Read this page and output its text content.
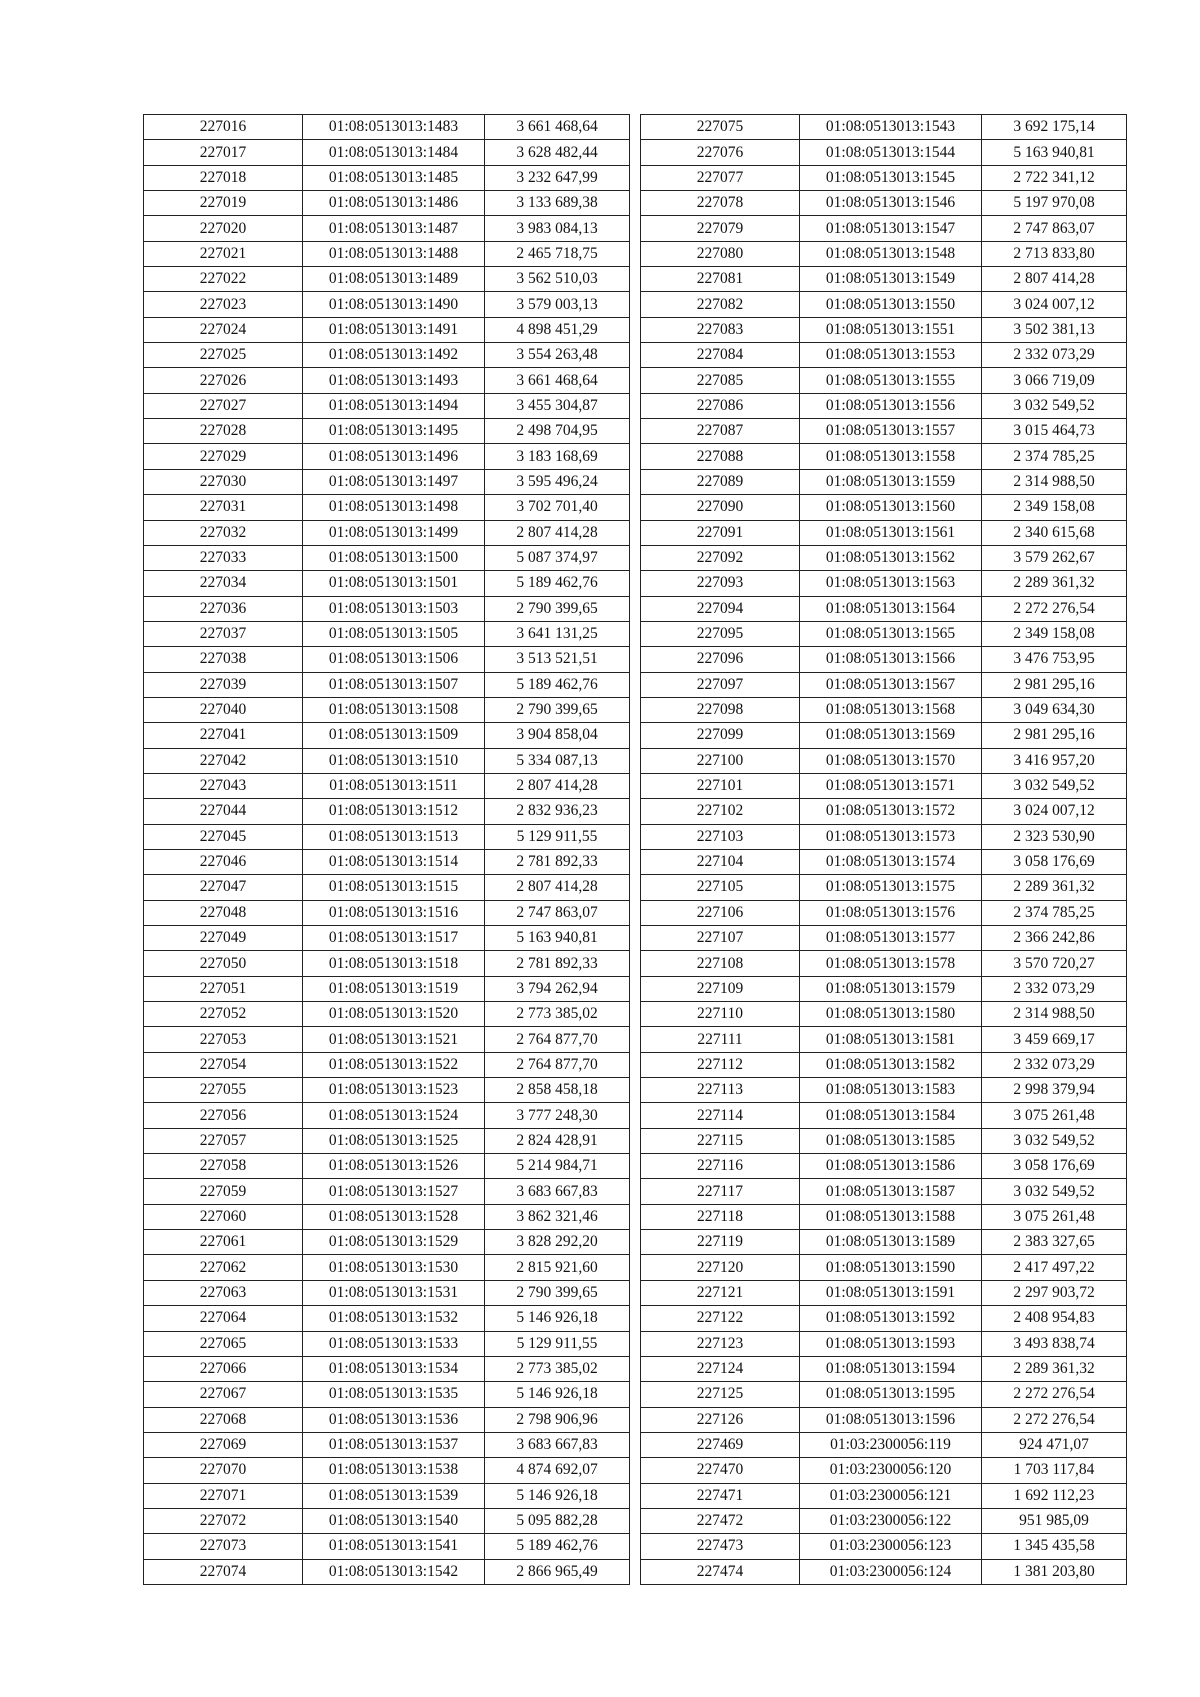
227016	01:08:0513013:1483	3 661 468,64
227017	01:08:0513013:1484	3 628 482,44
227018	01:08:0513013:1485	3 232 647,99
227019	01:08:0513013:1486	3 133 689,38
227020	01:08:0513013:1487	3 983 084,13
227021	01:08:0513013:1488	2 465 718,75
227022	01:08:0513013:1489	3 562 510,03
227023	01:08:0513013:1490	3 579 003,13
227024	01:08:0513013:1491	4 898 451,29
227025	01:08:0513013:1492	3 554 263,48
227026	01:08:0513013:1493	3 661 468,64
227027	01:08:0513013:1494	3 455 304,87
227028	01:08:0513013:1495	2 498 704,95
227029	01:08:0513013:1496	3 183 168,69
227030	01:08:0513013:1497	3 595 496,24
227031	01:08:0513013:1498	3 702 701,40
227032	01:08:0513013:1499	2 807 414,28
227033	01:08:0513013:1500	5 087 374,97
227034	01:08:0513013:1501	5 189 462,76
227036	01:08:0513013:1503	2 790 399,65
227037	01:08:0513013:1505	3 641 131,25
227038	01:08:0513013:1506	3 513 521,51
227039	01:08:0513013:1507	5 189 462,76
227040	01:08:0513013:1508	2 790 399,65
227041	01:08:0513013:1509	3 904 858,04
227042	01:08:0513013:1510	5 334 087,13
227043	01:08:0513013:1511	2 807 414,28
227044	01:08:0513013:1512	2 832 936,23
227045	01:08:0513013:1513	5 129 911,55
227046	01:08:0513013:1514	2 781 892,33
227047	01:08:0513013:1515	2 807 414,28
227048	01:08:0513013:1516	2 747 863,07
227049	01:08:0513013:1517	5 163 940,81
227050	01:08:0513013:1518	2 781 892,33
227051	01:08:0513013:1519	3 794 262,94
227052	01:08:0513013:1520	2 773 385,02
227053	01:08:0513013:1521	2 764 877,70
227054	01:08:0513013:1522	2 764 877,70
227055	01:08:0513013:1523	2 858 458,18
227056	01:08:0513013:1524	3 777 248,30
227057	01:08:0513013:1525	2 824 428,91
227058	01:08:0513013:1526	5 214 984,71
227059	01:08:0513013:1527	3 683 667,83
227060	01:08:0513013:1528	3 862 321,46
227061	01:08:0513013:1529	3 828 292,20
227062	01:08:0513013:1530	2 815 921,60
227063	01:08:0513013:1531	2 790 399,65
227064	01:08:0513013:1532	5 146 926,18
227065	01:08:0513013:1533	5 129 911,55
227066	01:08:0513013:1534	2 773 385,02
227067	01:08:0513013:1535	5 146 926,18
227068	01:08:0513013:1536	2 798 906,96
227069	01:08:0513013:1537	3 683 667,83
227070	01:08:0513013:1538	4 874 692,07
227071	01:08:0513013:1539	5 146 926,18
227072	01:08:0513013:1540	5 095 882,28
227073	01:08:0513013:1541	5 189 462,76
227074	01:08:0513013:1542	2 866 965,49
227075	01:08:0513013:1543	3 692 175,14
227076	01:08:0513013:1544	5 163 940,81
227077	01:08:0513013:1545	2 722 341,12
227078	01:08:0513013:1546	5 197 970,08
227079	01:08:0513013:1547	2 747 863,07
227080	01:08:0513013:1548	2 713 833,80
227081	01:08:0513013:1549	2 807 414,28
227082	01:08:0513013:1550	3 024 007,12
227083	01:08:0513013:1551	3 502 381,13
227084	01:08:0513013:1553	2 332 073,29
227085	01:08:0513013:1555	3 066 719,09
227086	01:08:0513013:1556	3 032 549,52
227087	01:08:0513013:1557	3 015 464,73
227088	01:08:0513013:1558	2 374 785,25
227089	01:08:0513013:1559	2 314 988,50
227090	01:08:0513013:1560	2 349 158,08
227091	01:08:0513013:1561	2 340 615,68
227092	01:08:0513013:1562	3 579 262,67
227093	01:08:0513013:1563	2 289 361,32
227094	01:08:0513013:1564	2 272 276,54
227095	01:08:0513013:1565	2 349 158,08
227096	01:08:0513013:1566	3 476 753,95
227097	01:08:0513013:1567	2 981 295,16
227098	01:08:0513013:1568	3 049 634,30
227099	01:08:0513013:1569	2 981 295,16
227100	01:08:0513013:1570	3 416 957,20
227101	01:08:0513013:1571	3 032 549,52
227102	01:08:0513013:1572	3 024 007,12
227103	01:08:0513013:1573	2 323 530,90
227104	01:08:0513013:1574	3 058 176,69
227105	01:08:0513013:1575	2 289 361,32
227106	01:08:0513013:1576	2 374 785,25
227107	01:08:0513013:1577	2 366 242,86
227108	01:08:0513013:1578	3 570 720,27
227109	01:08:0513013:1579	2 332 073,29
227110	01:08:0513013:1580	2 314 988,50
227111	01:08:0513013:1581	3 459 669,17
227112	01:08:0513013:1582	2 332 073,29
227113	01:08:0513013:1583	2 998 379,94
227114	01:08:0513013:1584	3 075 261,48
227115	01:08:0513013:1585	3 032 549,52
227116	01:08:0513013:1586	3 058 176,69
227117	01:08:0513013:1587	3 032 549,52
227118	01:08:0513013:1588	3 075 261,48
227119	01:08:0513013:1589	2 383 327,65
227120	01:08:0513013:1590	2 417 497,22
227121	01:08:0513013:1591	2 297 903,72
227122	01:08:0513013:1592	2 408 954,83
227123	01:08:0513013:1593	3 493 838,74
227124	01:08:0513013:1594	2 289 361,32
227125	01:08:0513013:1595	2 272 276,54
227126	01:08:0513013:1596	2 272 276,54
227469	01:03:2300056:119	924 471,07
227470	01:03:2300056:120	1 703 117,84
227471	01:03:2300056:121	1 692 112,23
227472	01:03:2300056:122	951 985,09
227473	01:03:2300056:123	1 345 435,58
227474	01:03:2300056:124	1 381 203,80
